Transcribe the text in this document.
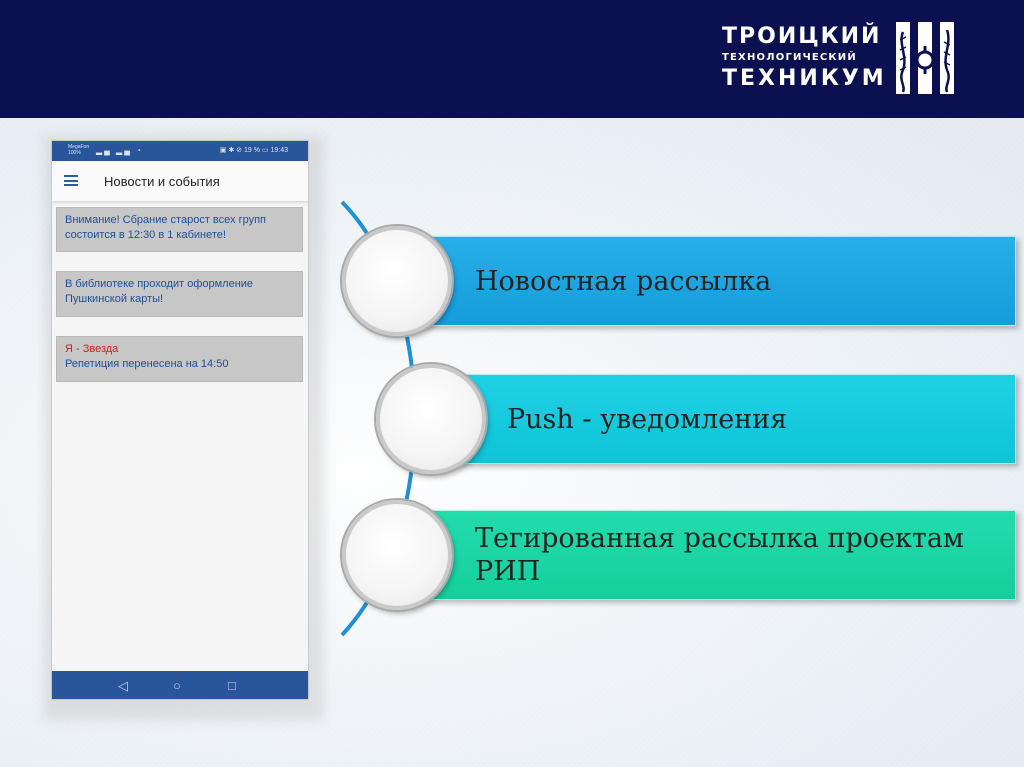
ТРОИЦКИЙ
ТЕХНОЛОГИЧЕСКИЙ
ТЕХНИКУМ
MegaFon 100%	▂▄ ▂▄ ◔	▣ ✱ ⊘ 19 % ▭ 19:43
Новости и события
Внимание! Сбрание старост всех групп состоится в 12:30 в 1 кабинете!
В библиотеке проходит оформление Пушкинской карты!
Я - Звезда
Репетиция перенесена на 14:50
◁	○	□
Новостная рассылка
Push - уведомления
Тегированная рассылка проектам РИП
